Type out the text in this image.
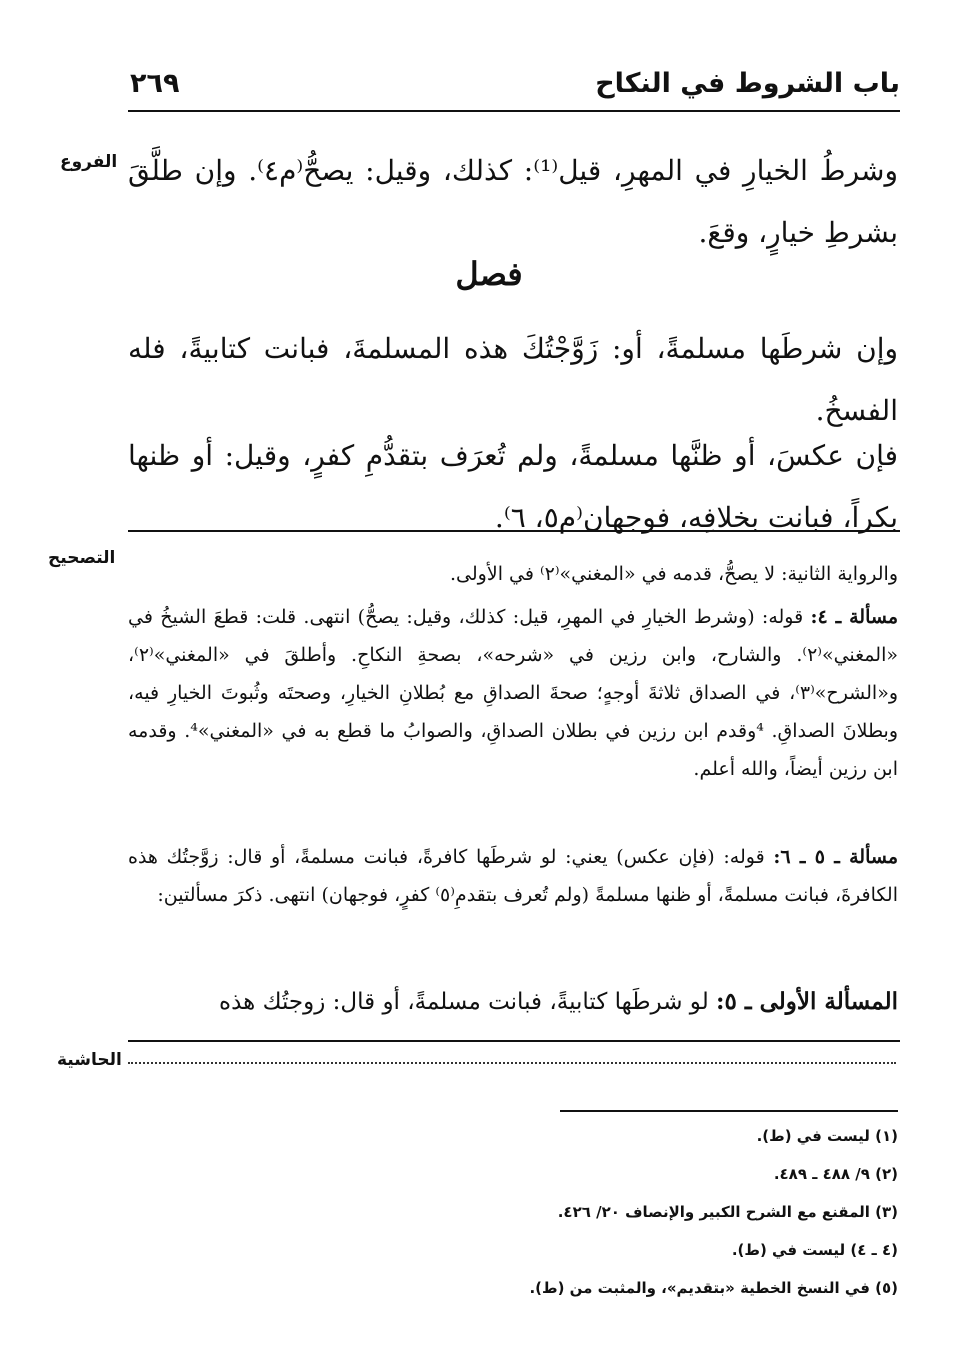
باب الشروط في النكاح
٢٦٩
الفروع وشرطُ الخيارِ في المهرِ، قيل⁽¹⁾: كذلك، وقيل: يصحُّ⁽م٤⁾. وإن طلَّقَ بشرطِ خيارٍ، وقعَ.
فصل
وإن شرطَها مسلمةً، أو: زَوَّجْتُكَ هذه المسلمةَ، فبانت كتابيةً، فله الفسخُ.
فإن عكسَ، أو ظنَّها مسلمةً، ولم تُعرَف بتقدُّمِ كفرٍ، وقيل: أو ظنها بكراً، فبانت بخلافِه، فوجهان⁽م٥، ٦⁾.
التصحيح
والرواية الثانية: لا يصحُّ، قدمه في «المغني»⁽٢⁾ في الأولى.
مسألة ـ ٤: قوله: (وشرط الخيارِ في المهرِ، قيل: كذلك، وقيل: يصحُّ) انتهى. قلت: قطعَ الشيخُ في «المغني»⁽٢⁾. والشارح، وابن رزين في «شرحه»، بصحةِ النكاحِ. وأطلقَ في «المغني»⁽٢⁾، و«الشرح»⁽٣⁾، في الصداق ثلاثةَ أوجهٍ؛ صحةَ الصداقِ مع بُطلانِ الخيارِ، وصحتَه وثُبوتَ الخيارِ فيه، وبطلانَ الصداقِ. ⁴وقدم ابن رزين في بطلان الصداقِ، والصوابُ ما قطع به في «المغني»⁴. وقدمه ابن رزين أيضاً، والله أعلم.
مسألة ـ ٥ ـ ٦: قوله: (فإن عكس) يعني: لو شرطَها كافرةً، فبانت مسلمةً، أو قال: زوَّجتُك هذه الكافرةَ، فبانت مسلمةً، أو ظنها مسلمةً (ولم تُعرف بتقدمِ⁽٥⁾ كفرٍ، فوجهان) انتهى. ذكرَ مسألتين:
المسألة الأولى ـ ٥: لو شرطَها كتابيةً، فبانت مسلمةً، أو قال: زوجتُك هذه
الحاشية
(١) ليست في (ط).
(٢) ٩/ ٤٨٨ ـ ٤٨٩.
(٣) المقنع مع الشرح الكبير والإنصاف ٢٠/ ٤٢٦.
(٤ ـ ٤) ليست في (ط).
(٥) في النسخ الخطية «بتقديم»، والمثبت من (ط).
